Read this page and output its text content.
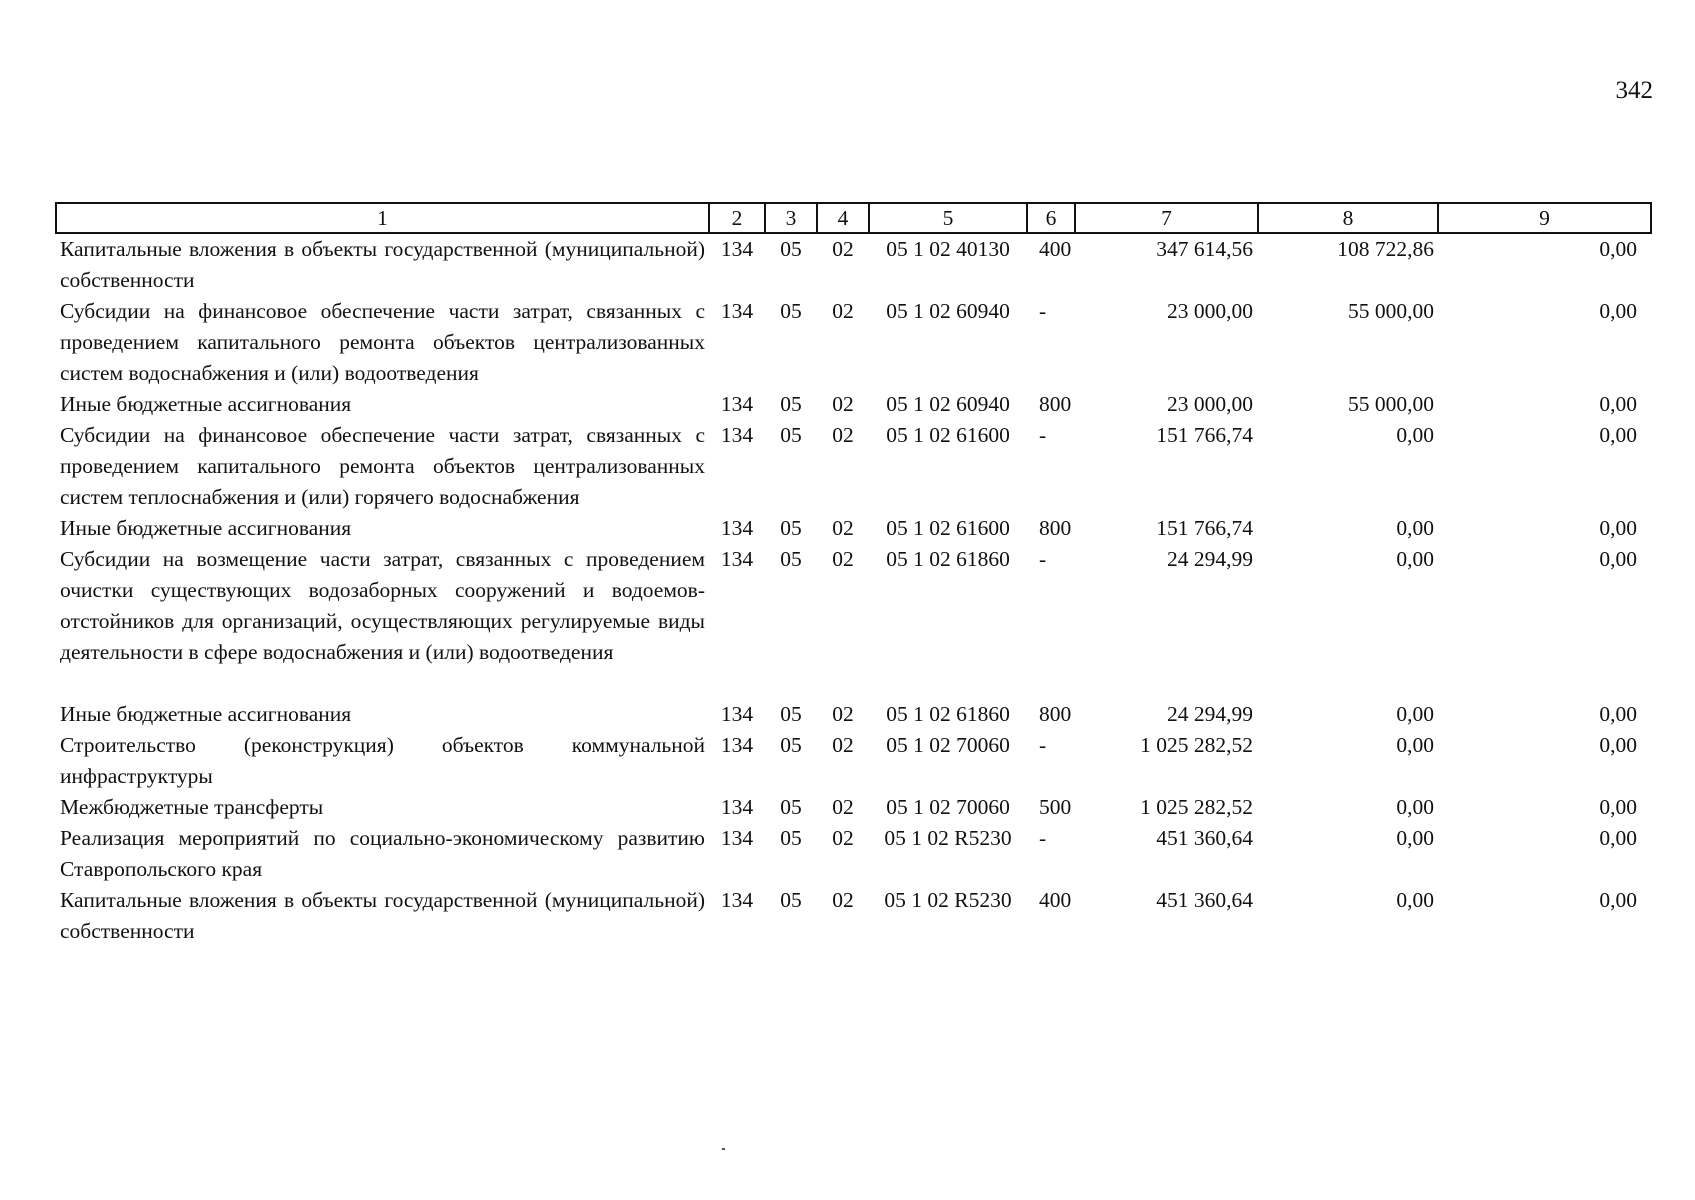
342
1	2	3	4	5	6	7	8	9
Капитальные вложения в объекты государственной (муниципальной) собственности	134	05	02	05 1 02 40130	400	347 614,56	108 722,86	0,00
Субсидии на финансовое обеспечение части затрат, связанных с проведением капитального ремонта объектов централизованных систем водоснабжения и (или) водоотведения	134	05	02	05 1 02 60940	-	23 000,00	55 000,00	0,00
Иные бюджетные ассигнования	134	05	02	05 1 02 60940	800	23 000,00	55 000,00	0,00
Субсидии на финансовое обеспечение части затрат, связанных с проведением капитального ремонта объектов централизованных систем теплоснабжения и (или) горячего водоснабжения	134	05	02	05 1 02 61600	-	151 766,74	0,00	0,00
Иные бюджетные ассигнования	134	05	02	05 1 02 61600	800	151 766,74	0,00	0,00
Субсидии на возмещение части затрат, связанных с проведением очистки существующих водозаборных сооружений и водоемов-отстойников для организаций, осуществляющих регулируемые виды деятельности в сфере водоснабжения и (или) водоотведения	134	05	02	05 1 02 61860	-	24 294,99	0,00	0,00
Иные бюджетные ассигнования	134	05	02	05 1 02 61860	800	24 294,99	0,00	0,00
Строительство (реконструкция) объектов коммунальной инфраструктуры	134	05	02	05 1 02 70060	-	1 025 282,52	0,00	0,00
Межбюджетные трансферты	134	05	02	05 1 02 70060	500	1 025 282,52	0,00	0,00
Реализация мероприятий по социально-экономическому развитию Ставропольского края	134	05	02	05 1 02 R5230	-	451 360,64	0,00	0,00
Капитальные вложения в объекты государственной (муниципальной) собственности	134	05	02	05 1 02 R5230	400	451 360,64	0,00	0,00
